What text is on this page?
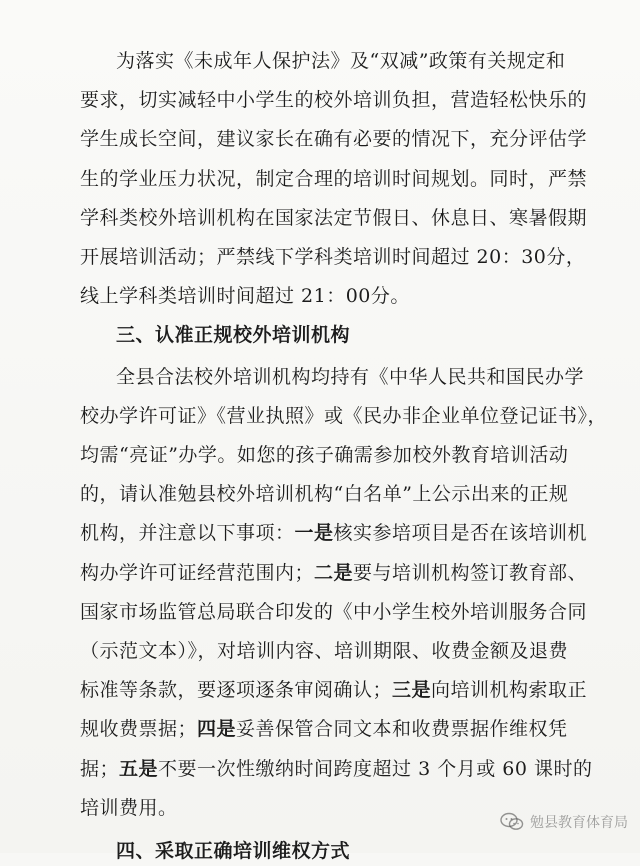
为落实《未成年人保护法》及“双减”政策有关规定和
要求，切实减轻中小学生的校外培训负担，营造轻松快乐的
学生成长空间，建议家长在确有必要的情况下，充分评估学
生的学业压力状况，制定合理的培训时间规划。同时，严禁
学科类校外培训机构在国家法定节假日、休息日、寒暑假期
开展培训活动；严禁线下学科类培训时间超过 20：30分，
线上学科类培训时间超过 21：00分。
三、认准正规校外培训机构
全县合法校外培训机构均持有《中华人民共和国民办学
校办学许可证》《营业执照》或《民办非企业单位登记证书》，
均需“亮证”办学。如您的孩子确需参加校外教育培训活动
的，请认准勉县校外培训机构“白名单”上公示出来的正规
机构，并注意以下事项：一是核实参培项目是否在该培训机
构办学许可证经营范围内；二是要与培训机构签订教育部、
国家市场监管总局联合印发的《中小学生校外培训服务合同
（示范文本）》，对培训内容、培训期限、收费金额及退费
标准等条款，要逐项逐条审阅确认；三是向培训机构索取正
规收费票据；四是妥善保管合同文本和收费票据作维权凭
据；五是不要一次性缴纳时间跨度超过 3 个月或 60 课时的
培训费用。
四、采取正确培训维权方式
勉县教育体育局
